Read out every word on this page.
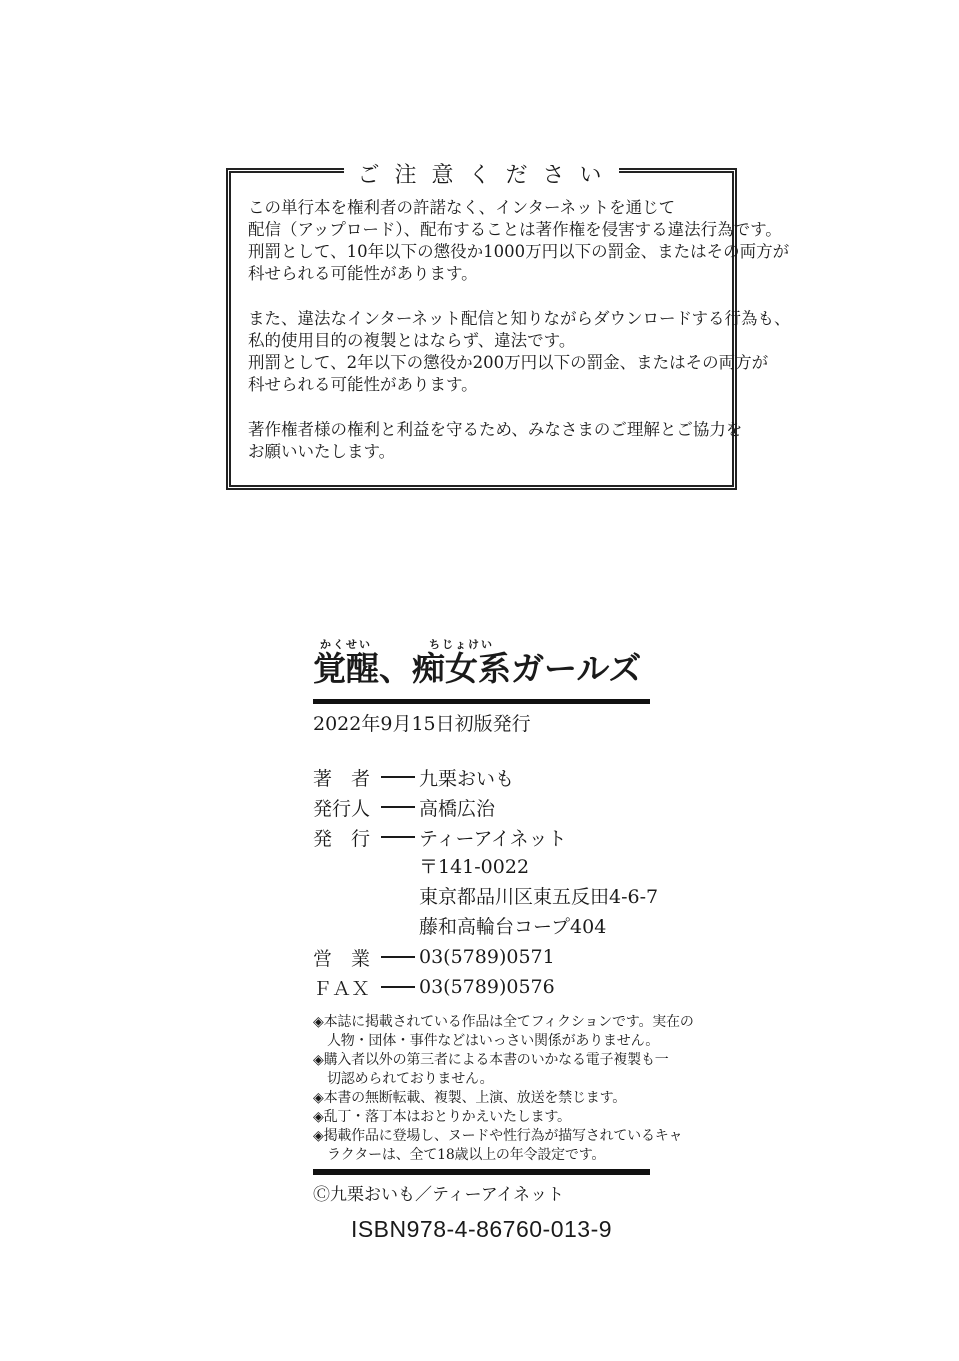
ご 注 意 く だ さ い
この単行本を権利者の許諾なく、インターネットを通じて
配信（アップロード）、配布することは著作権を侵害する違法行為です。
刑罰として、10年以下の懲役か1000万円以下の罰金、またはその両方が
科せられる可能性があります。
また、違法なインターネット配信と知りながらダウンロードする行為も、
私的使用目的の複製とはならず、違法です。
刑罰として、2年以下の懲役か200万円以下の罰金、またはその両方が
科せられる可能性があります。
著作権者様の権利と利益を守るため、みなさまのご理解とご協力を
お願いいたします。
覚醒かくせい、痴女系ちじょけいガールズ
2022年9月15日初版発行
著　者	九栗おいも
発行人	高橋広治
発　行	ティーアイネット
〒141-0022
東京都品川区東五反田4-6-7
藤和高輪台コープ404
営　業	03(5789)0571
ＦＡＸ	03(5789)0576
◈本誌に掲載されている作品は全てフィクションです。実在の
人物・団体・事件などはいっさい関係がありません。
◈購入者以外の第三者による本書のいかなる電子複製も一
切認められておりません。
◈本書の無断転載、複製、上演、放送を禁じます。
◈乱丁・落丁本はおとりかえいたします。
◈掲載作品に登場し、ヌードや性行為が描写されているキャ
ラクターは、全て18歳以上の年令設定です。
Ⓒ九栗おいも／ティーアイネット
ISBN978-4-86760-013-9
